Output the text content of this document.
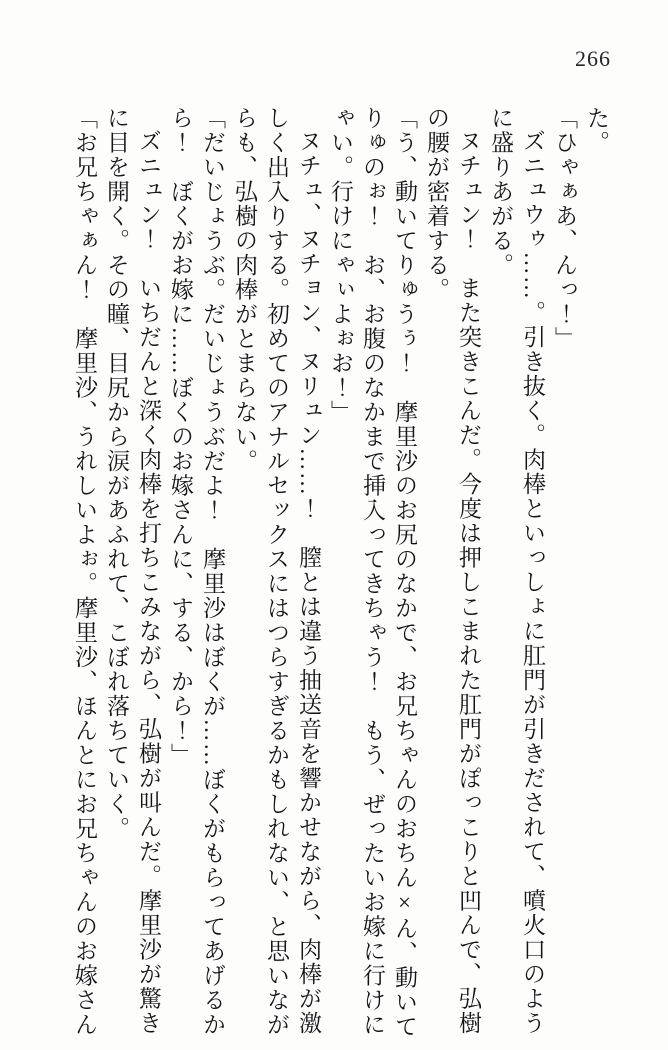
266

た。

「ひゃぁあ、んっ！」

ズニュウゥ……。引き抜く。肉棒といっしょに肛門が引きだされて、噴火口のよう

に盛りあがる。

ヌチュン！　また突きこんだ。今度は押しこまれた肛門がぽっこりと凹んで、弘樹

の腰が密着する。

「う、動いてりゅうぅ！　摩里沙のお尻のなかで、お兄ちゃんのおちん×ん、動いて

りゅのぉ！　お、お腹のなかまで挿入ってきちゃう！　もう、ぜったいお嫁に行けに

ゃい。行けにゃぃよぉお！」

ヌチュ、ヌチョン、ヌリュン……！　膣とは違う抽送音を響かせながら、肉棒が激

しく出入りする。初めてのアナルセックスにはつらすぎるかもしれない、と思いなが

らも、弘樹の肉棒がとまらない。

「だいじょうぶ。だいじょうぶだよ！　摩里沙はぼくが……ぼくがもらってあげるか

ら！　ぼくがお嫁に……ぼくのお嫁さんに、する、から！」

ズニュン！　いちだんと深く肉棒を打ちこみながら、弘樹が叫んだ。摩里沙が驚き

に目を開く。その瞳、目尻から涙があふれて、こぼれ落ちていく。

「お兄ちゃぁん！　摩里沙、うれしいよぉ。摩里沙、ほんとにお兄ちゃんのお嫁さん
